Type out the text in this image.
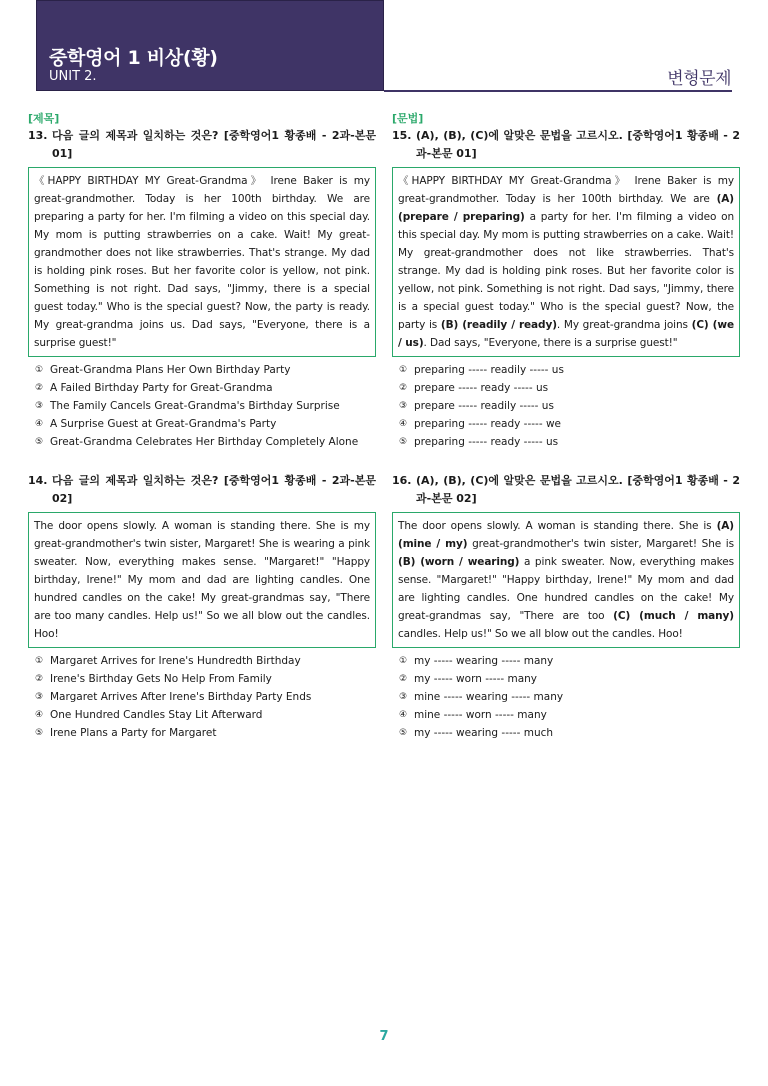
중학영어 1 비상(황)
UNIT 2.	변형문제
[제목]
13. 다음 글의 제목과 일치하는 것은? [중학영어1 황종배 - 2과-본문 01]
《HAPPY BIRTHDAY MY Great-Grandma》 Irene Baker is my great-grandmother. Today is her 100th birthday. We are preparing a party for her. I'm filming a video on this special day. My mom is putting strawberries on a cake. Wait! My great-grandmother does not like strawberries. That's strange. My dad is holding pink roses. But her favorite color is yellow, not pink. Something is not right. Dad says, "Jimmy, there is a special guest today." Who is the special guest? Now, the party is ready. My great-grandma joins us. Dad says, "Everyone, there is a surprise guest!"
① Great-Grandma Plans Her Own Birthday Party
② A Failed Birthday Party for Great-Grandma
③ The Family Cancels Great-Grandma's Birthday Surprise
④ A Surprise Guest at Great-Grandma's Party
⑤ Great-Grandma Celebrates Her Birthday Completely Alone
14. 다음 글의 제목과 일치하는 것은? [중학영어1 황종배 - 2과-본문 02]
The door opens slowly. A woman is standing there. She is my great-grandmother's twin sister, Margaret! She is wearing a pink sweater. Now, everything makes sense. "Margaret!" "Happy birthday, Irene!" My mom and dad are lighting candles. One hundred candles on the cake! My great-grandmas say, "There are too many candles. Help us!" So we all blow out the candles. Hoo!
① Margaret Arrives for Irene's Hundredth Birthday
② Irene's Birthday Gets No Help From Family
③ Margaret Arrives After Irene's Birthday Party Ends
④ One Hundred Candles Stay Lit Afterward
⑤ Irene Plans a Party for Margaret
[문법]
15. (A), (B), (C)에 알맞은 문법을 고르시오. [중학영어1 황종배 - 2과-본문 01]
《HAPPY BIRTHDAY MY Great-Grandma》 Irene Baker is my great-grandmother. Today is her 100th birthday. We are (A) (prepare / preparing) a party for her. I'm filming a video on this special day. My mom is putting strawberries on a cake. Wait! My great-grandmother does not like strawberries. That's strange. My dad is holding pink roses. But her favorite color is yellow, not pink. Something is not right. Dad says, "Jimmy, there is a special guest today." Who is the special guest? Now, the party is (B) (readily / ready). My great-grandma joins (C) (we / us). Dad says, "Everyone, there is a surprise guest!"
① preparing ----- readily ----- us
② prepare ----- ready ----- us
③ prepare ----- readily ----- us
④ preparing ----- ready ----- we
⑤ preparing ----- ready ----- us
16. (A), (B), (C)에 알맞은 문법을 고르시오. [중학영어1 황종배 - 2과-본문 02]
The door opens slowly. A woman is standing there. She is (A) (mine / my) great-grandmother's twin sister, Margaret! She is (B) (worn / wearing) a pink sweater. Now, everything makes sense. "Margaret!" "Happy birthday, Irene!" My mom and dad are lighting candles. One hundred candles on the cake! My great-grandmas say, "There are too (C) (much / many) candles. Help us!" So we all blow out the candles. Hoo!
① my ----- wearing ----- many
② my ----- worn ----- many
③ mine ----- wearing ----- many
④ mine ----- worn ----- many
⑤ my ----- wearing ----- much
7
